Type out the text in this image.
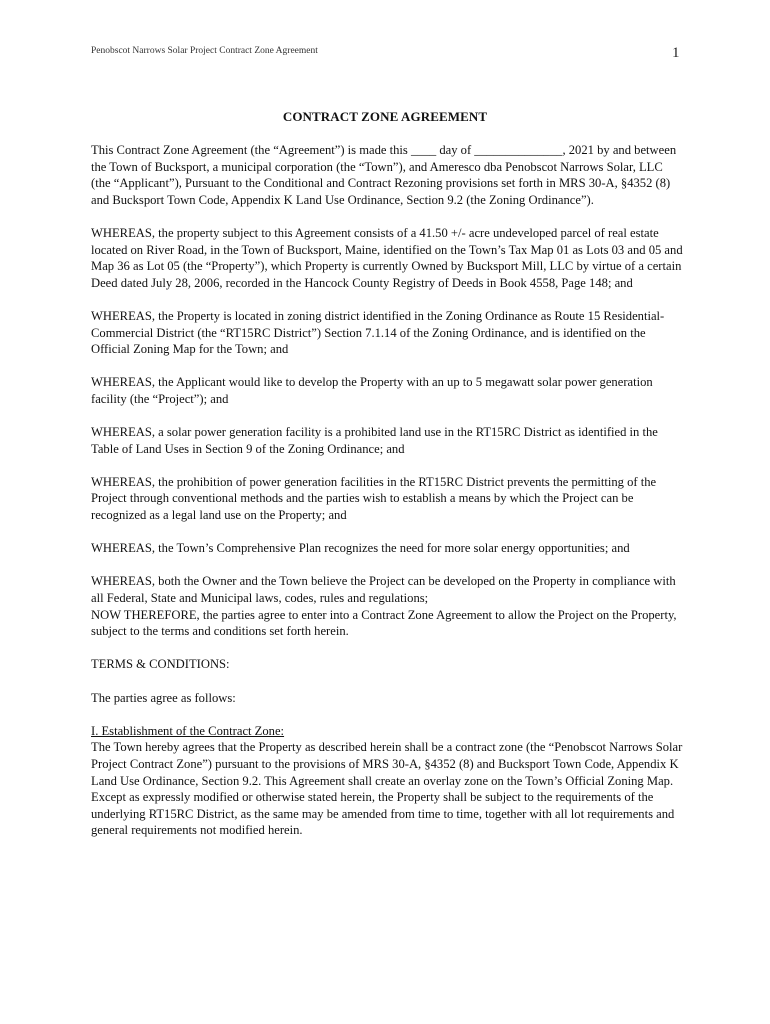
Penobscot Narrows Solar Project Contract Zone Agreement	1
CONTRACT ZONE AGREEMENT

This Contract Zone Agreement (the “Agreement”) is made this ____ day of ______________, 2021 by and between the Town of Bucksport, a municipal corporation (the “Town”), and Ameresco dba Penobscot Narrows Solar, LLC (the “Applicant”), Pursuant to the Conditional and Contract Rezoning provisions set forth in MRS 30-A, §4352 (8) and Bucksport Town Code, Appendix K Land Use Ordinance, Section 9.2 (the Zoning Ordinance”).

WHEREAS, the property subject to this Agreement consists of a 41.50 +/- acre undeveloped parcel of real estate located on River Road, in the Town of Bucksport, Maine, identified on the Town’s Tax Map 01 as Lots 03 and 05 and Map 36 as Lot 05 (the “Property”), which Property is currently Owned by Bucksport Mill, LLC by virtue of a certain Deed dated July 28, 2006, recorded in the Hancock County Registry of Deeds in Book 4558, Page 148; and

WHEREAS, the Property is located in zoning district identified in the Zoning Ordinance as Route 15 Residential-Commercial District (the “RT15RC District”) Section 7.1.14 of the Zoning Ordinance, and is identified on the Official Zoning Map for the Town; and

WHEREAS, the Applicant would like to develop the Property with an up to 5 megawatt solar power generation facility (the “Project”); and

WHEREAS, a solar power generation facility is a prohibited land use in the RT15RC District as identified in the Table of Land Uses in Section 9 of the Zoning Ordinance; and

WHEREAS, the prohibition of power generation facilities in the RT15RC District prevents the permitting of the Project through conventional methods and the parties wish to establish a means by which the Project can be recognized as a legal land use on the Property; and

WHEREAS, the Town’s Comprehensive Plan recognizes the need for more solar energy opportunities; and

WHEREAS, both the Owner and the Town believe the Project can be developed on the Property in compliance with all Federal, State and Municipal laws, codes, rules and regulations;

NOW THEREFORE, the parties agree to enter into a Contract Zone Agreement to allow the Project on the Property, subject to the terms and conditions set forth herein.

TERMS & CONDITIONS:

The parties agree as follows:

I. Establishment of the Contract Zone:

The Town hereby agrees that the Property as described herein shall be a contract zone (the “Penobscot Narrows Solar Project Contract Zone”) pursuant to the provisions of MRS 30-A, §4352 (8) and Bucksport Town Code, Appendix K Land Use Ordinance, Section 9.2. This Agreement shall create an overlay zone on the Town’s Official Zoning Map. Except as expressly modified or otherwise stated herein, the Property shall be subject to the requirements of the underlying RT15RC District, as the same may be amended from time to time, together with all lot requirements and general requirements not modified herein.
